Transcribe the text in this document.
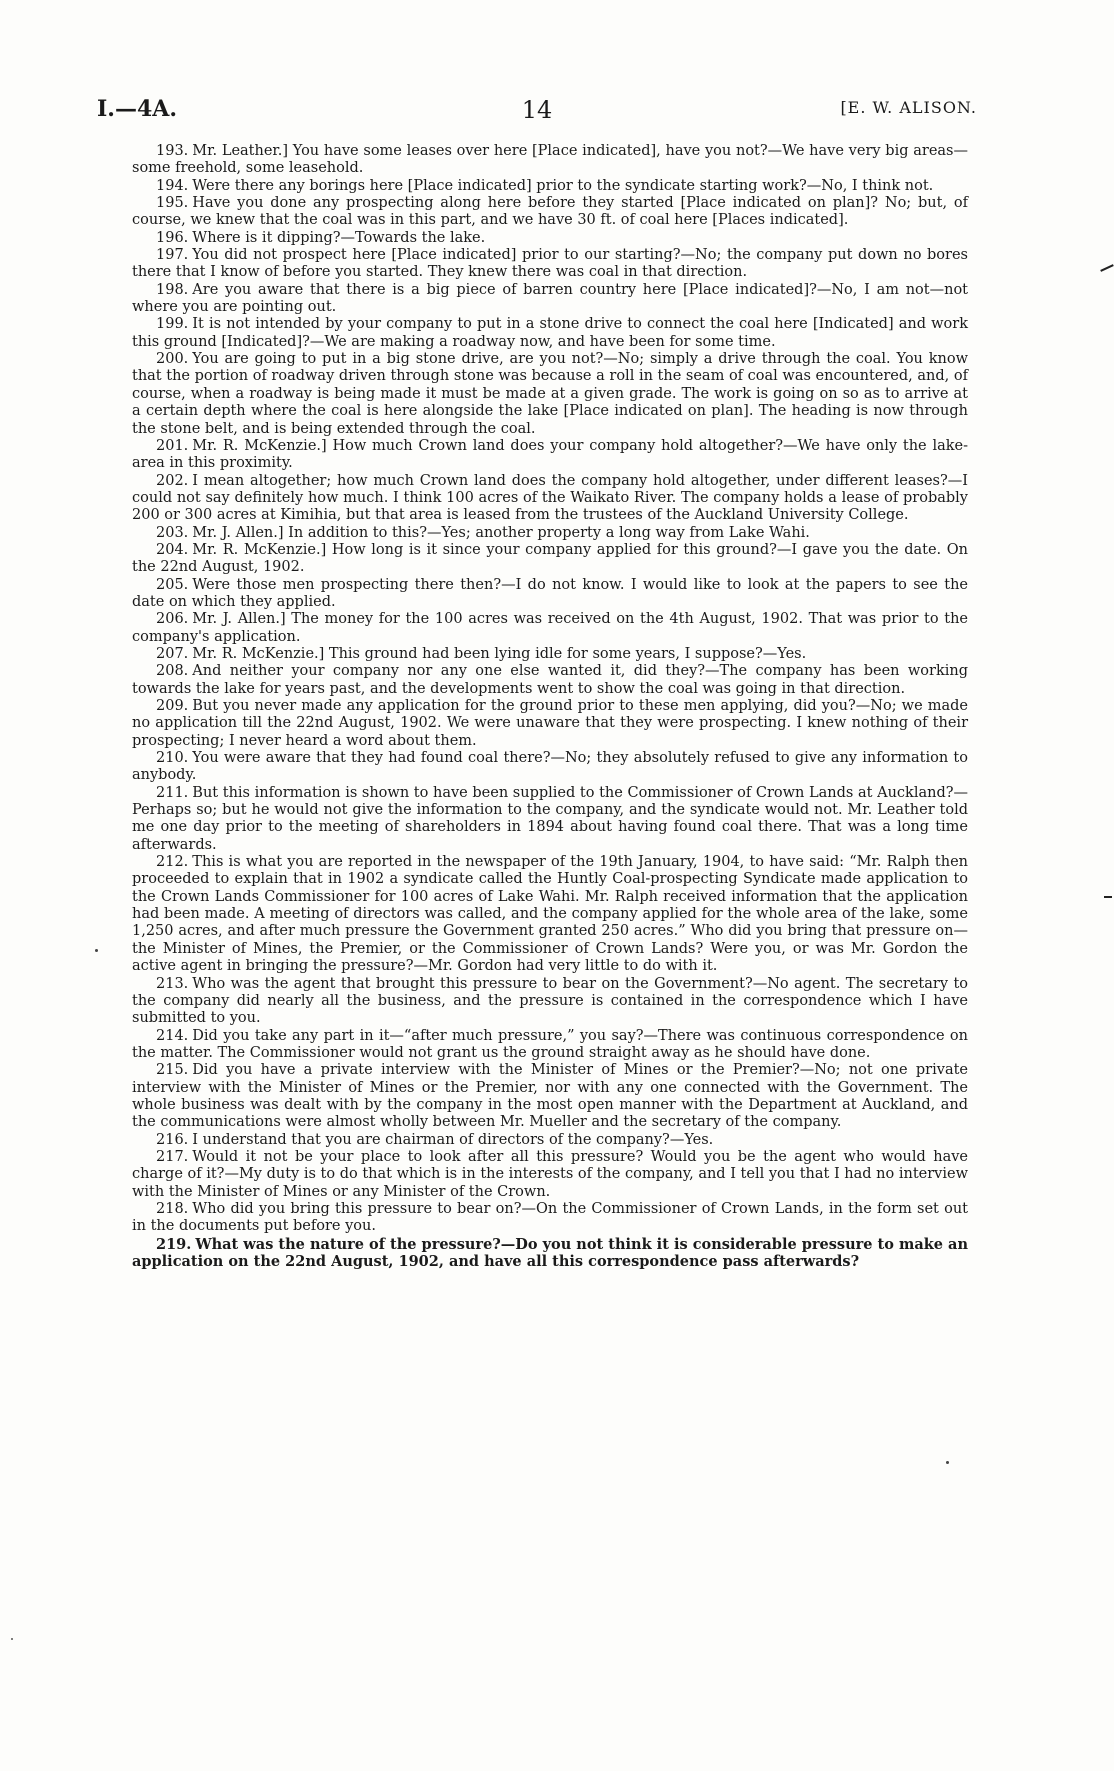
I.—4A.	14	[E. W. ALISON.

193. Mr. Leather.] You have some leases over here [Place indicated], have you not?—We have very big areas—some freehold, some leasehold.

194. Were there any borings here [Place indicated] prior to the syndicate starting work?—No, I think not.

195. Have you done any prospecting along here before they started [Place indicated on plan]? No; but, of course, we knew that the coal was in this part, and we have 30 ft. of coal here [Places indicated].

196. Where is it dipping?—Towards the lake.

197. You did not prospect here [Place indicated] prior to our starting?—No; the company put down no bores there that I know of before you started. They knew there was coal in that direction.

198. Are you aware that there is a big piece of barren country here [Place indicated]?—No, I am not—not where you are pointing out.

199. It is not intended by your company to put in a stone drive to connect the coal here [Indicated] and work this ground [Indicated]?—We are making a roadway now, and have been for some time.

200. You are going to put in a big stone drive, are you not?—No; simply a drive through the coal. You know that the portion of roadway driven through stone was because a roll in the seam of coal was encountered, and, of course, when a roadway is being made it must be made at a given grade. The work is going on so as to arrive at a certain depth where the coal is here alongside the lake [Place indicated on plan]. The heading is now through the stone belt, and is being extended through the coal.

201. Mr. R. McKenzie.] How much Crown land does your company hold altogether?—We have only the lake-area in this proximity.

202. I mean altogether; how much Crown land does the company hold altogether, under different leases?—I could not say definitely how much. I think 100 acres of the Waikato River. The company holds a lease of probably 200 or 300 acres at Kimihia, but that area is leased from the trustees of the Auckland University College.

203. Mr. J. Allen.] In addition to this?—Yes; another property a long way from Lake Wahi.

204. Mr. R. McKenzie.] How long is it since your company applied for this ground?—I gave you the date. On the 22nd August, 1902.

205. Were those men prospecting there then?—I do not know. I would like to look at the papers to see the date on which they applied.

206. Mr. J. Allen.] The money for the 100 acres was received on the 4th August, 1902. That was prior to the company's application.

207. Mr. R. McKenzie.] This ground had been lying idle for some years, I suppose?—Yes.

208. And neither your company nor any one else wanted it, did they?—The company has been working towards the lake for years past, and the developments went to show the coal was going in that direction.

209. But you never made any application for the ground prior to these men applying, did you?—No; we made no application till the 22nd August, 1902. We were unaware that they were prospecting. I knew nothing of their prospecting; I never heard a word about them.

210. You were aware that they had found coal there?—No; they absolutely refused to give any information to anybody.

211. But this information is shown to have been supplied to the Commissioner of Crown Lands at Auckland?—Perhaps so; but he would not give the information to the company, and the syndicate would not. Mr. Leather told me one day prior to the meeting of shareholders in 1894 about having found coal there. That was a long time afterwards.

212. This is what you are reported in the newspaper of the 19th January, 1904, to have said: “Mr. Ralph then proceeded to explain that in 1902 a syndicate called the Huntly Coal-prospecting Syndicate made application to the Crown Lands Commissioner for 100 acres of Lake Wahi. Mr. Ralph received information that the application had been made. A meeting of directors was called, and the company applied for the whole area of the lake, some 1,250 acres, and after much pressure the Government granted 250 acres.” Who did you bring that pressure on—the Minister of Mines, the Premier, or the Commissioner of Crown Lands? Were you, or was Mr. Gordon the active agent in bringing the pressure?—Mr. Gordon had very little to do with it.

213. Who was the agent that brought this pressure to bear on the Government?—No agent. The secretary to the company did nearly all the business, and the pressure is contained in the correspondence which I have submitted to you.

214. Did you take any part in it—“after much pressure,” you say?—There was continuous correspondence on the matter. The Commissioner would not grant us the ground straight away as he should have done.

215. Did you have a private interview with the Minister of Mines or the Premier?—No; not one private interview with the Minister of Mines or the Premier, nor with any one connected with the Government. The whole business was dealt with by the company in the most open manner with the Department at Auckland, and the communications were almost wholly between Mr. Mueller and the secretary of the company.

216. I understand that you are chairman of directors of the company?—Yes.

217. Would it not be your place to look after all this pressure? Would you be the agent who would have charge of it?—My duty is to do that which is in the interests of the company, and I tell you that I had no interview with the Minister of Mines or any Minister of the Crown.

218. Who did you bring this pressure to bear on?—On the Commissioner of Crown Lands, in the form set out in the documents put before you.

219. What was the nature of the pressure?—Do you not think it is considerable pressure to make an application on the 22nd August, 1902, and have all this correspondence pass afterwards?
